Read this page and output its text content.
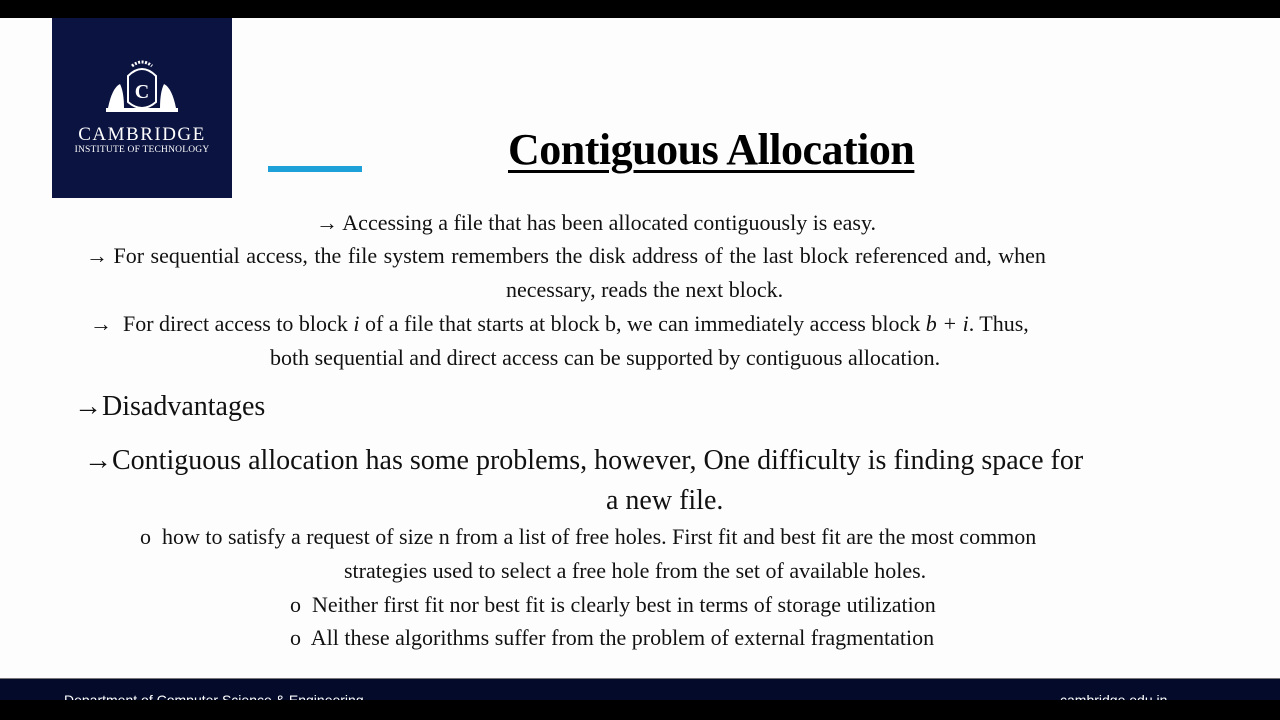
C
CAMBRIDGE
INSTITUTE OF TECHNOLOGY	Contiguous Allocation
→ Accessing a file that has been allocated contiguously is easy.
→ For sequential access, the file system remembers the disk address of the last block referenced and, when
necessary, reads the next block.
→ For direct access to block i of a file that starts at block b, we can immediately access block b + i. Thus,
both sequential and direct access can be supported by contiguous allocation.
→Disadvantages
→Contiguous allocation has some problems, however, One difficulty is finding space for
a new file.
o how to satisfy a request of size n from a list of free holes. First fit and best fit are the most common
strategies used to select a free hole from the set of available holes.
o Neither first fit nor best fit is clearly best in terms of storage utilization
o All these algorithms suffer from the problem of external fragmentation
